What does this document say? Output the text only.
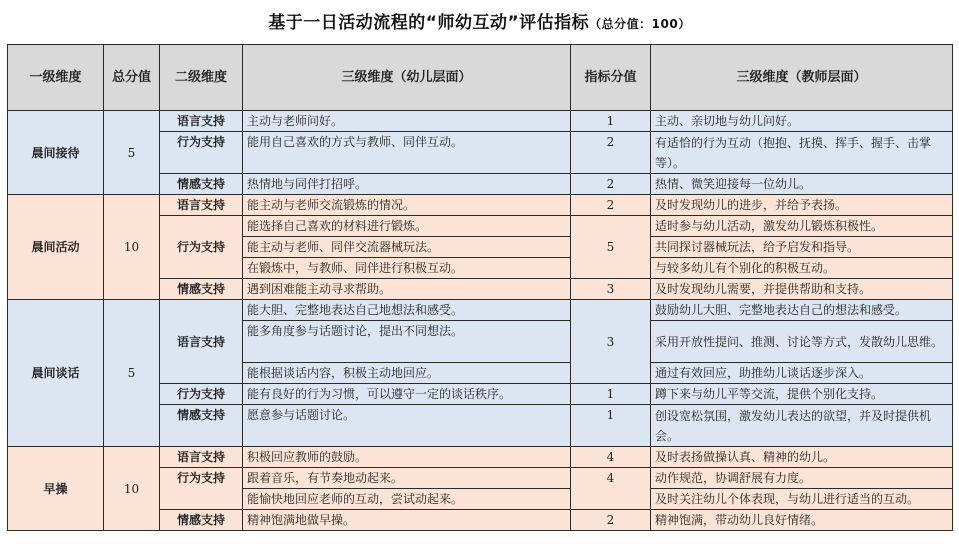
基于一日活动流程的“师幼互动”评估指标（总分值：100）
一级维度	总分值	二级维度	三级维度（幼儿层面）	指标分值	三级维度（教师层面）
晨间接待	5	语言支持	主动与老师问好。	1	主动、亲切地与幼儿问好。
		行为支持	能用自己喜欢的方式与教师、同伴互动。	2	有适恰的行为互动（抱抱、抚摸、挥手、握手、击掌等）。
		情感支持	热情地与同伴打招呼。	2	热情、微笑迎接每一位幼儿。
晨间活动	10	语言支持	能主动与老师交流锻炼的情况。	2	及时发现幼儿的进步，并给予表扬。
		行为支持	能选择自己喜欢的材料进行锻炼。	5	适时参与幼儿活动，激发幼儿锻炼积极性。
			能主动与老师、同伴交流器械玩法。		共同探讨器械玩法，给予启发和指导。
			在锻炼中，与教师、同伴进行积极互动。		与较多幼儿有个别化的积极互动。
		情感支持	遇到困难能主动寻求帮助。	3	及时发现幼儿需要，并提供帮助和支持。
晨间谈话	5	语言支持	能大胆、完整地表达自己地想法和感受。	3	鼓励幼儿大胆、完整地表达自己的想法和感受。
			能多角度参与话题讨论，提出不同想法。		采用开放性提问、推测、讨论等方式，发散幼儿思维。
			能根据谈话内容，积极主动地回应。		通过有效回应，助推幼儿谈话逐步深入。
		行为支持	能有良好的行为习惯，可以遵守一定的谈话秩序。	1	蹲下来与幼儿平等交流，提供个别化支持。
		情感支持	愿意参与话题讨论。	1	创设宽松氛围，激发幼儿表达的欲望，并及时提供机会。
早操	10	语言支持	积极回应教师的鼓励。	4	及时表扬做操认真、精神的幼儿。
		行为支持	跟着音乐，有节奏地动起来。	4	动作规范，协调舒展有力度。
			能愉快地回应老师的互动，尝试动起来。		及时关注幼儿个体表现，与幼儿进行适当的互动。
		情感支持	精神饱满地做早操。	2	精神饱满，带动幼儿良好情绪。
